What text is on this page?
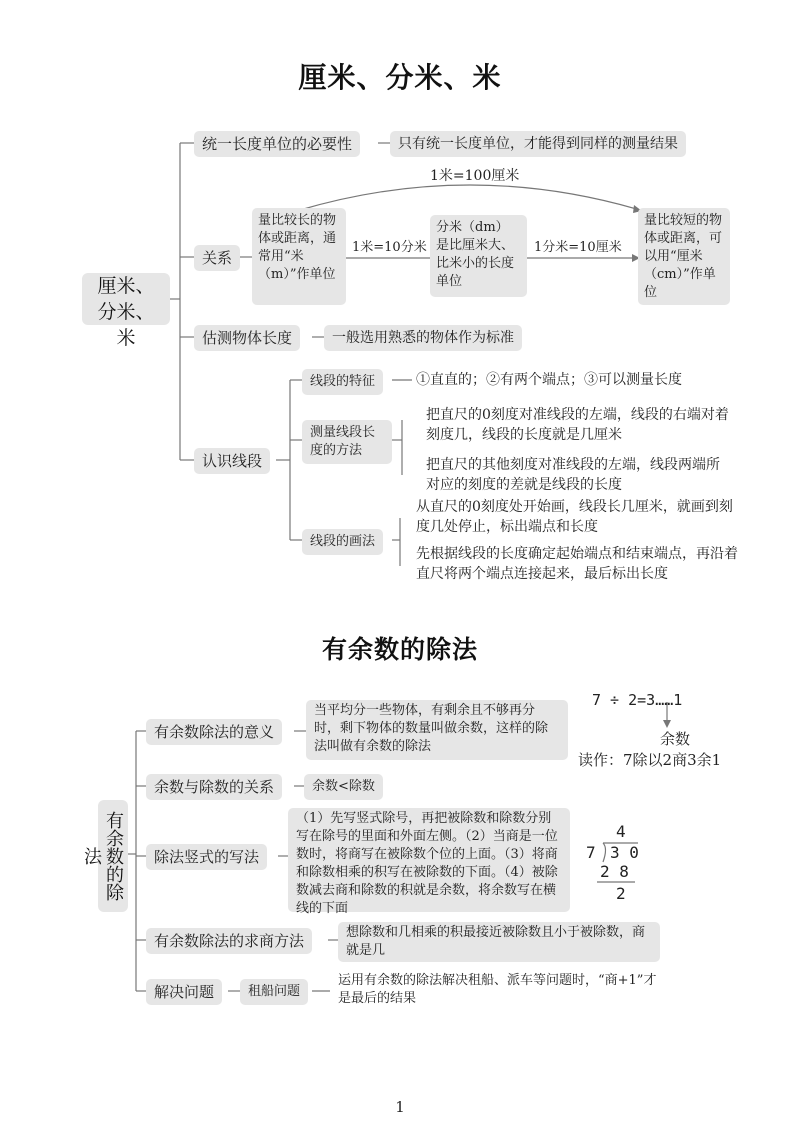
厘米、分米、米
厘米、分米、米
统一长度单位的必要性	只有统一长度单位，才能得到同样的测量结果
1米=100厘米
关系
量比较长的物体或距离，通常用“米（m）”作单位
1米=10分米
分米（dm）是比厘米大、比米小的长度单位
1分米=10厘米
量比较短的物体或距离，可以用“厘米（cm）”作单位
估测物体长度	一般选用熟悉的物体作为标准
认识线段
线段的特征	①直直的；②有两个端点；③可以测量长度
测量线段长度的方法
把直尺的0刻度对准线段的左端，线段的右端对着刻度几，线段的长度就是几厘米
把直尺的其他刻度对准线段的左端，线段两端所对应的刻度的差就是线段的长度
线段的画法
从直尺的0刻度处开始画，线段长几厘米，就画到刻度几处停止，标出端点和长度
先根据线段的长度确定起始端点和结束端点，再沿着直尺将两个端点连接起来，最后标出长度
有余数的除法
有余数的除法
有余数除法的意义
当平均分一些物体，有剩余且不够再分时，剩下物体的数量叫做余数，这样的除法叫做有余数的除法
7 ÷ 2=3……1
余数
读作：7除以2商3余1
余数与除数的关系	余数<除数
除法竖式的写法
（1）先写竖式除号，再把被除数和除数分别写在除号的里面和外面左侧。（2）当商是一位数时，将商写在被除数个位的上面。（3）将商和除数相乘的积写在被除数的下面。（4）被除数减去商和除数的积就是余数，将余数写在横线的下面
4
7 3 0
2 8
2
有余数除法的求商方法	想除数和几相乘的积最接近被除数且小于被除数，商就是几
解决问题	租船问题
运用有余数的除法解决租船、派车等问题时，“商+1”才是最后的结果
1
